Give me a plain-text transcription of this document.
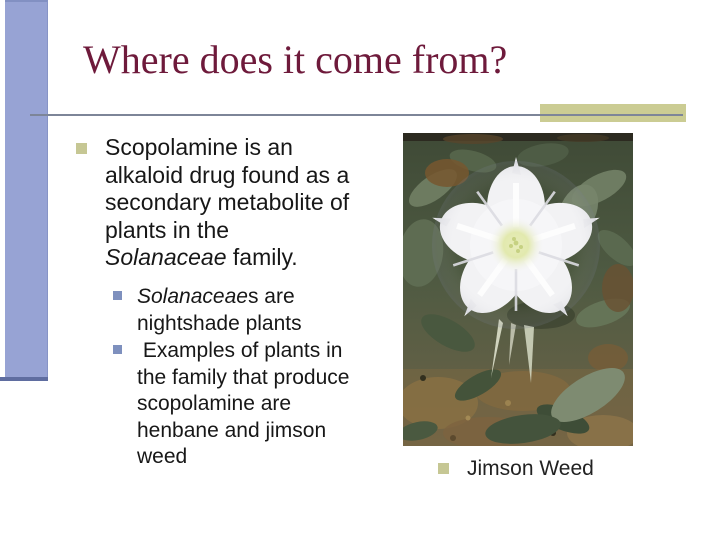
Where does it come from?
Scopolamine is an
alkaloid drug found as a
secondary metabolite of
plants in the
Solanaceae family.
Solanaceaes are
nightshade plants
Examples of plants in
the family that produce
scopolamine are
henbane and jimson
weed
Jimson Weed
